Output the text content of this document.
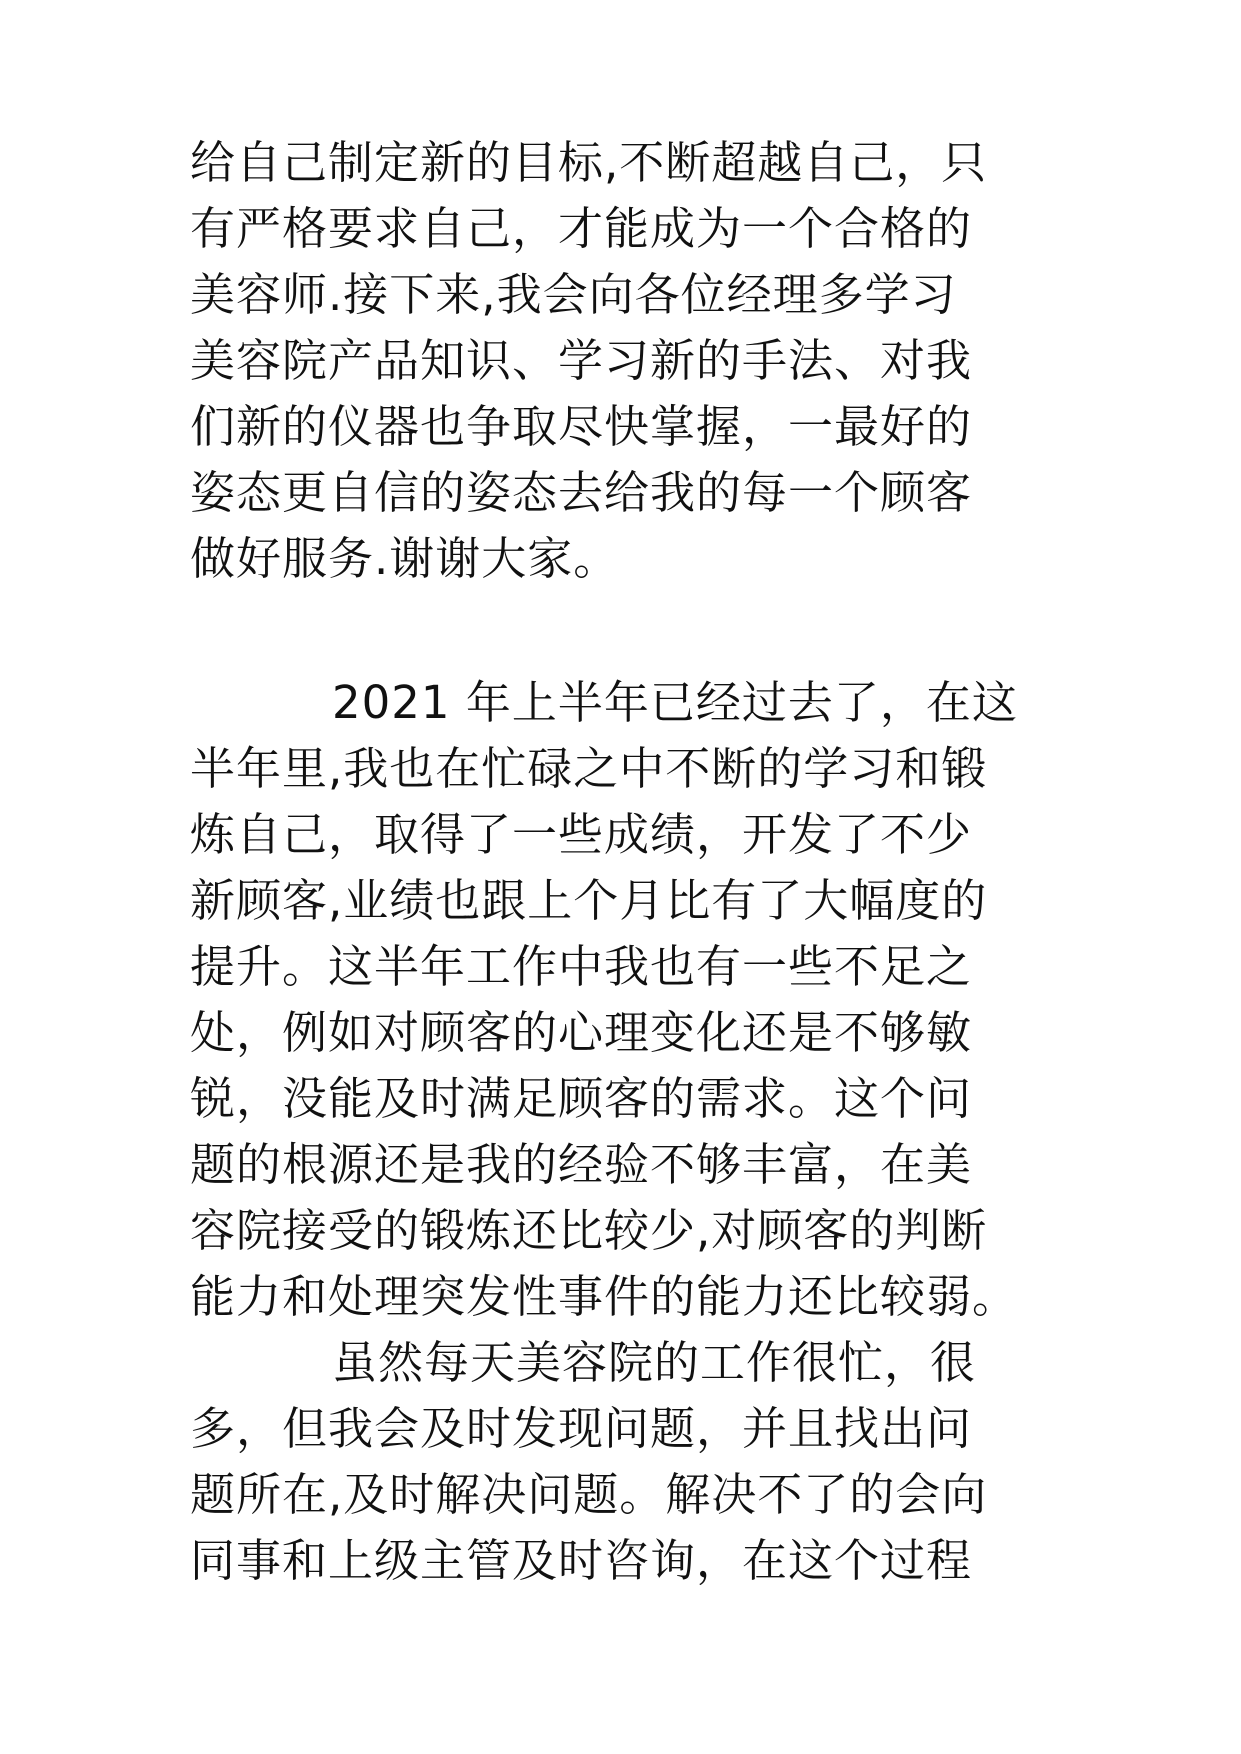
给自己制定新的目标,不断超越自己，只
有严格要求自己，才能成为一个合格的
美容师.接下来,我会向各位经理多学习
美容院产品知识、学习新的手法、对我
们新的仪器也争取尽快掌握，一最好的
姿态更自信的姿态去给我的每一个顾客
做好服务.谢谢大家。
2021 年上半年已经过去了，在这
半年里,我也在忙碌之中不断的学习和锻
炼自己，取得了一些成绩，开发了不少
新顾客,业绩也跟上个月比有了大幅度的
提升。这半年工作中我也有一些不足之
处，例如对顾客的心理变化还是不够敏
锐，没能及时满足顾客的需求。这个问
题的根源还是我的经验不够丰富，在美
容院接受的锻炼还比较少,对顾客的判断
能力和处理突发性事件的能力还比较弱。
虽然每天美容院的工作很忙，很
多，但我会及时发现问题，并且找出问
题所在,及时解决问题。解决不了的会向
同事和上级主管及时咨询，在这个过程
